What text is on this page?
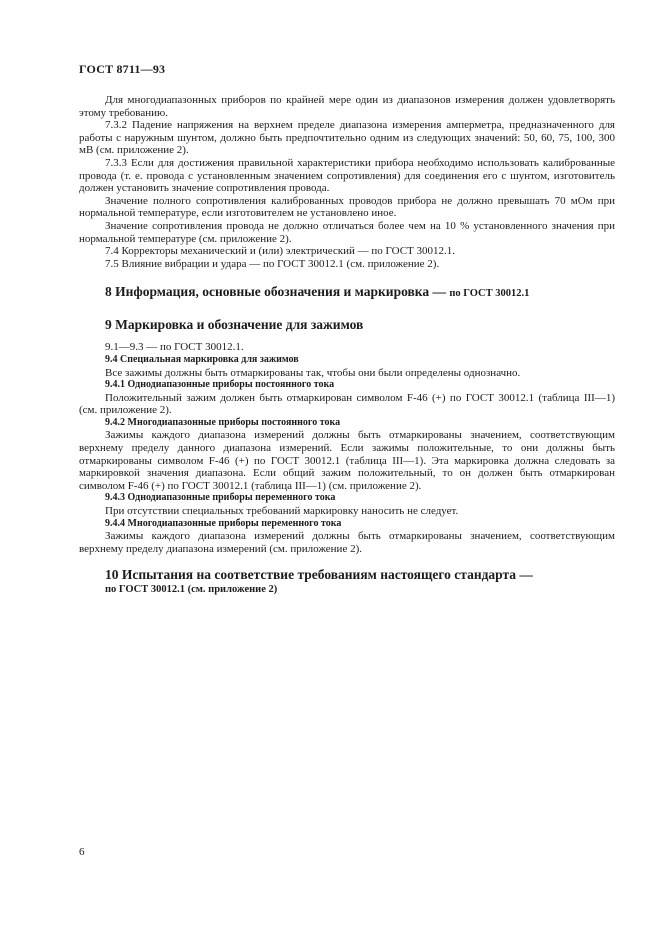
ГОСТ 8711—93

Для многодиапазонных приборов по крайней мере один из диапазонов измерения должен удовлетворять этому требованию.

7.3.2 Падение напряжения на верхнем пределе диапазона измерения амперметра, предназначенного для работы с наружным шунтом, должно быть предпочтительно одним из следующих значений: 50, 60, 75, 100, 300 мВ (см. приложение 2).

7.3.3 Если для достижения правильной характеристики прибора необходимо использовать калиброванные провода (т. е. провода с установленным значением сопротивления) для соединения его с шунтом, изготовитель должен установить значение сопротивления провода.

Значение полного сопротивления калиброванных проводов прибора не должно превышать 70 мОм при нормальной температуре, если изготовителем не установлено иное.

Значение сопротивления провода не должно отличаться более чем на 10 % установленного значения при нормальной температуре (см. приложение 2).

7.4 Корректоры механический и (или) электрический — по ГОСТ 30012.1.

7.5 Влияние вибрации и удара — по ГОСТ 30012.1 (см. приложение 2).

8 Информация, основные обозначения и маркировка — по ГОСТ 30012.1

9 Маркировка и обозначение для зажимов

9.1—9.3 — по ГОСТ 30012.1.

9.4 Специальная маркировка для зажимов

Все зажимы должны быть отмаркированы так, чтобы они были определены однозначно.

9.4.1 Однодиапазонные приборы постоянного тока

Положительный зажим должен быть отмаркирован символом F-46 (+) по ГОСТ 30012.1 (таблица III—1) (см. приложение 2).

9.4.2 Многодиапазонные приборы постоянного тока

Зажимы каждого диапазона измерений должны быть отмаркированы значением, соответствующим верхнему пределу данного диапазона измерений. Если зажимы положительные, то они должны быть отмаркированы символом F-46 (+) по ГОСТ 30012.1 (таблица III—1). Эта маркировка должна следовать за маркировкой значения диапазона. Если общий зажим положительный, то он должен быть отмаркирован символом F-46 (+) по ГОСТ 30012.1 (таблица III—1) (см. приложение 2).

9.4.3 Однодиапазонные приборы переменного тока

При отсутствии специальных требований маркировку наносить не следует.

9.4.4 Многодиапазонные приборы переменного тока

Зажимы каждого диапазона измерений должны быть отмаркированы значением, соответствующим верхнему пределу диапазона измерений (см. приложение 2).

10 Испытания на соответствие требованиям настоящего стандарта —

по ГОСТ 30012.1 (см. приложение 2)

6
